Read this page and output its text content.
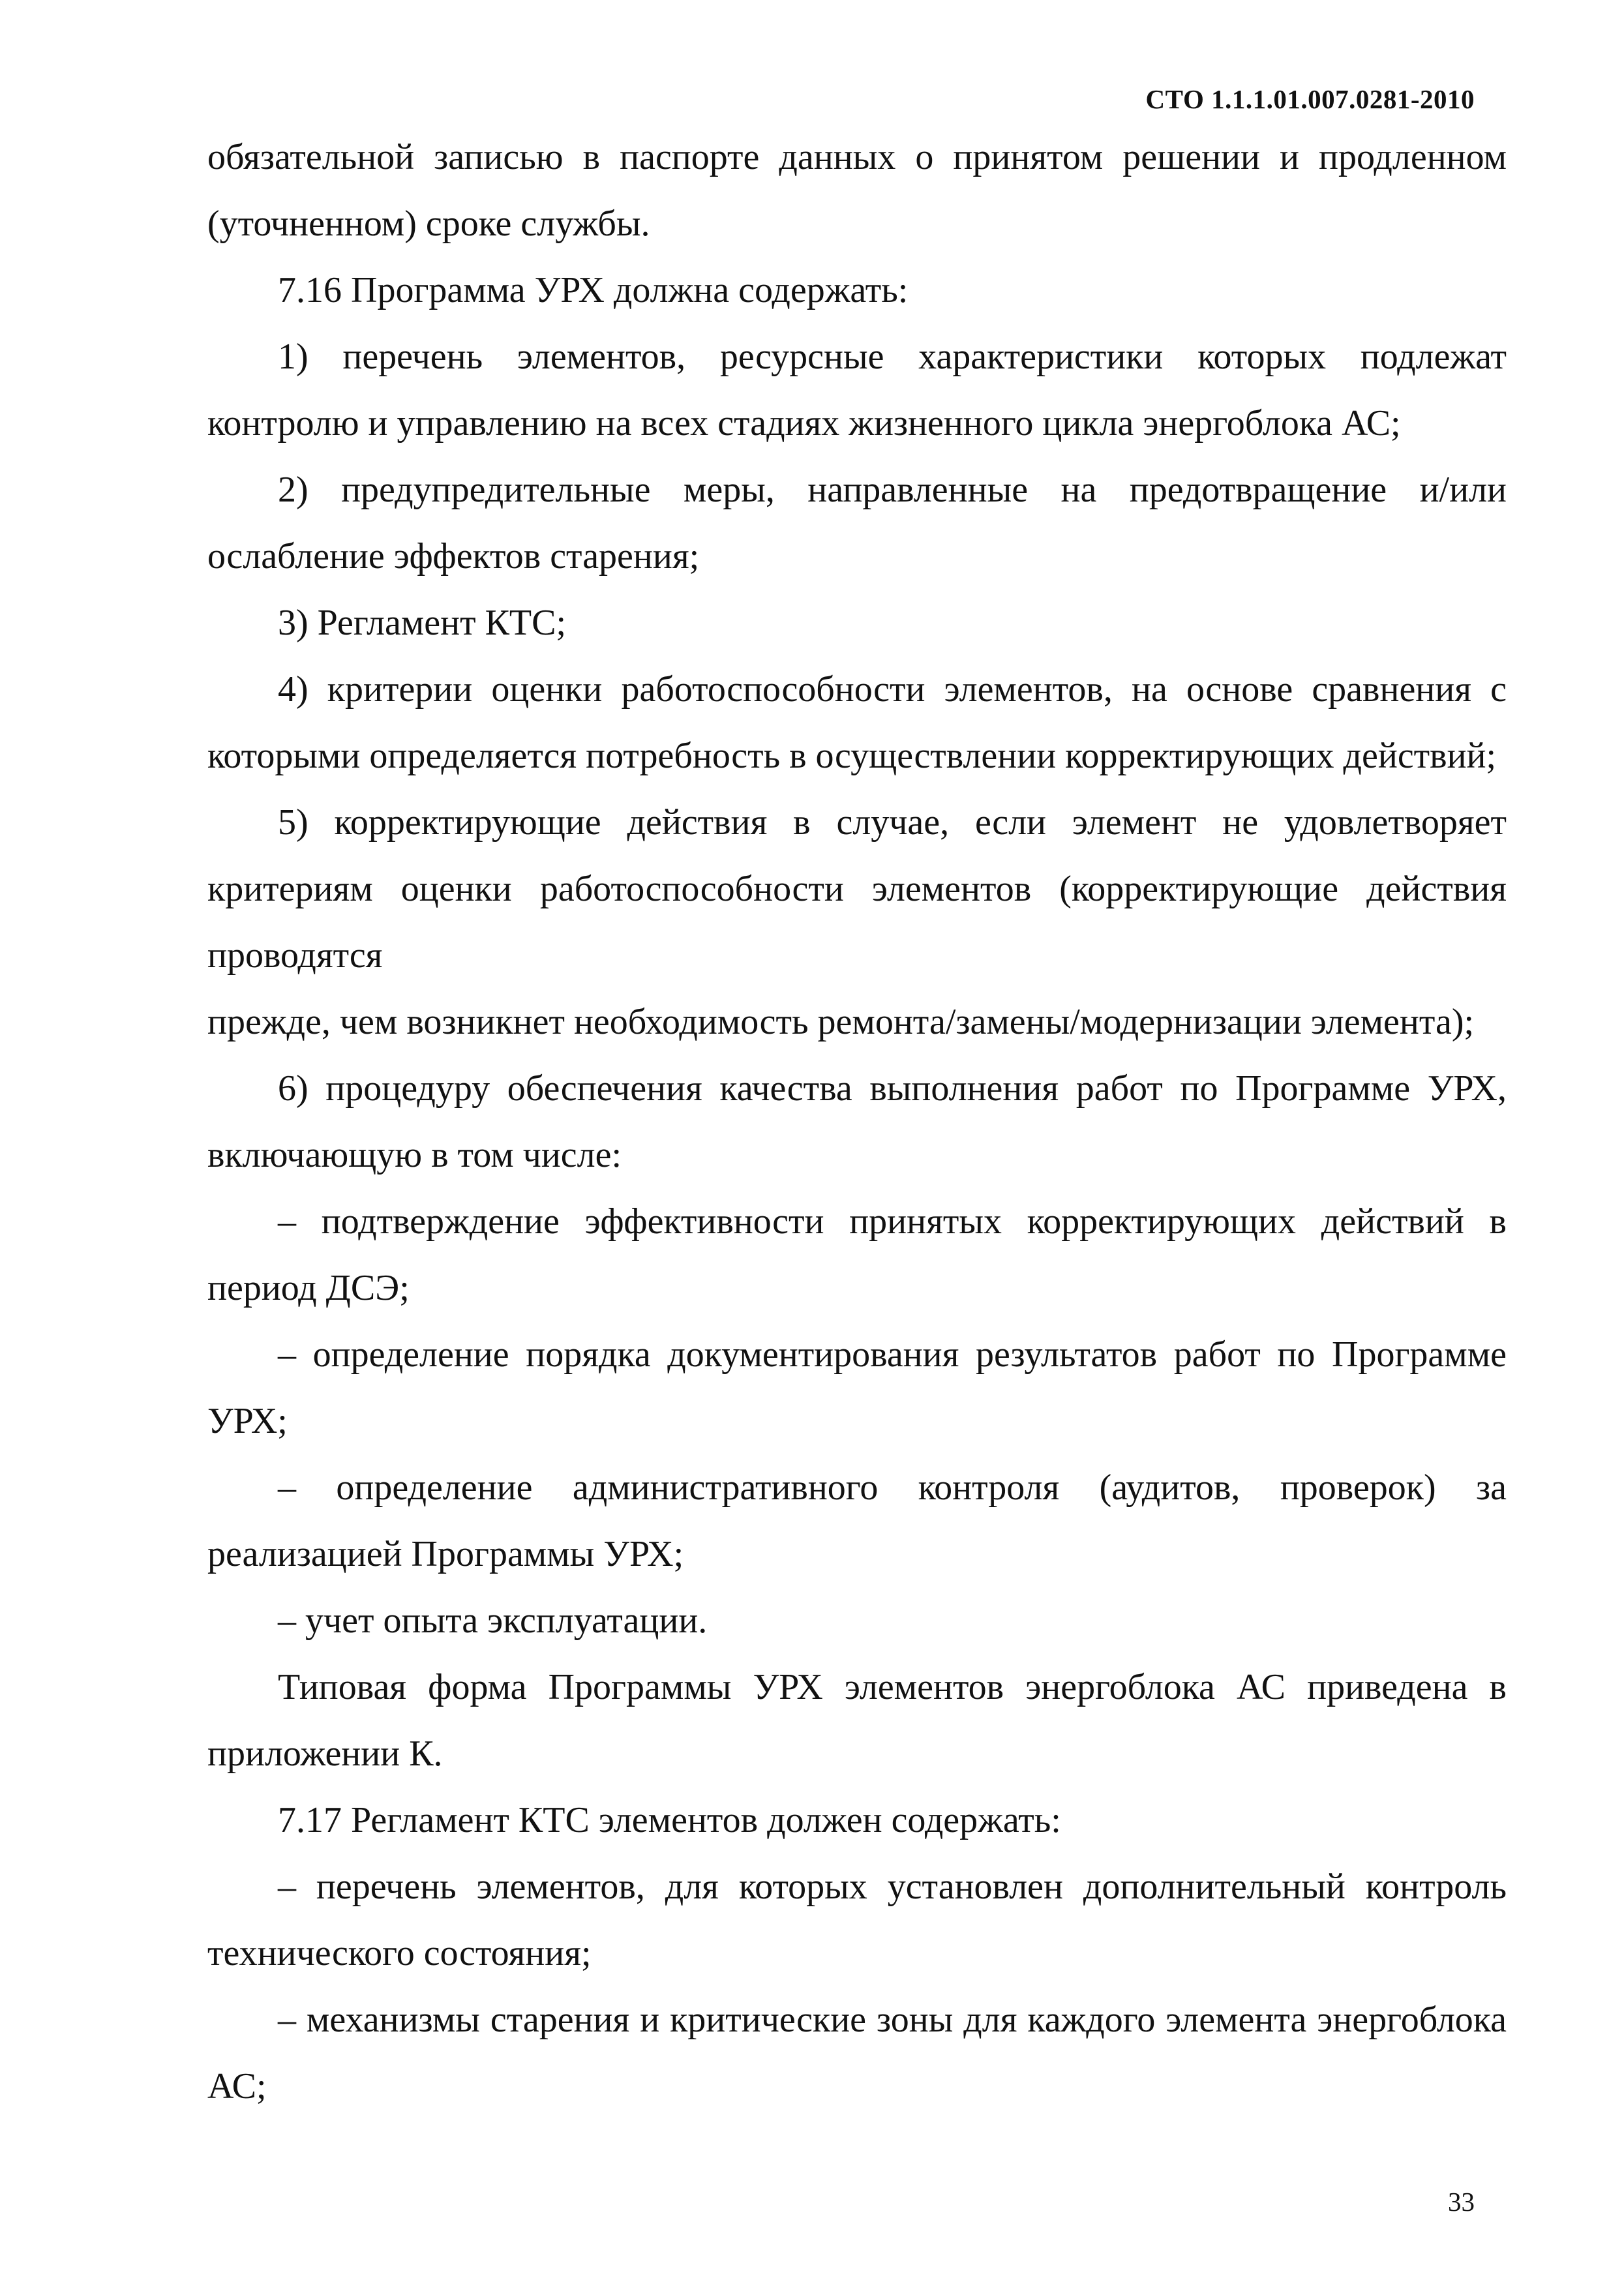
СТО 1.1.1.01.007.0281-2010

обязательной записью в паспорте данных о принятом решении и продленном (уточненном) сроке службы.

7.16 Программа УРХ должна содержать:

1) перечень элементов, ресурсные характеристики которых подлежат контролю и управлению на всех стадиях жизненного цикла энергоблока АС;

2) предупредительные меры, направленные на предотвращение и/или ослабление эффектов старения;

3) Регламент КТС;

4) критерии оценки работоспособности элементов, на основе сравнения с которыми определяется потребность в осуществлении корректирующих действий;

5) корректирующие действия в случае, если элемент не удовлетворяет критериям оценки работоспособности элементов (корректирующие действия проводятся

прежде, чем возникнет необходимость ремонта/замены/модернизации элемента);

6) процедуру обеспечения качества выполнения работ по Программе УРХ, включающую в том числе:

– подтверждение эффективности принятых корректирующих действий в период ДСЭ;

– определение порядка документирования результатов работ по Программе УРХ;

– определение административного контроля (аудитов, проверок) за реализацией Программы УРХ;

– учет опыта эксплуатации.

Типовая форма Программы УРХ элементов энергоблока АС приведена в приложении К.

7.17 Регламент КТС элементов должен содержать:

– перечень элементов, для которых установлен дополнительный контроль технического состояния;

– механизмы старения и критические зоны для каждого элемента энергоблока АС;

33
